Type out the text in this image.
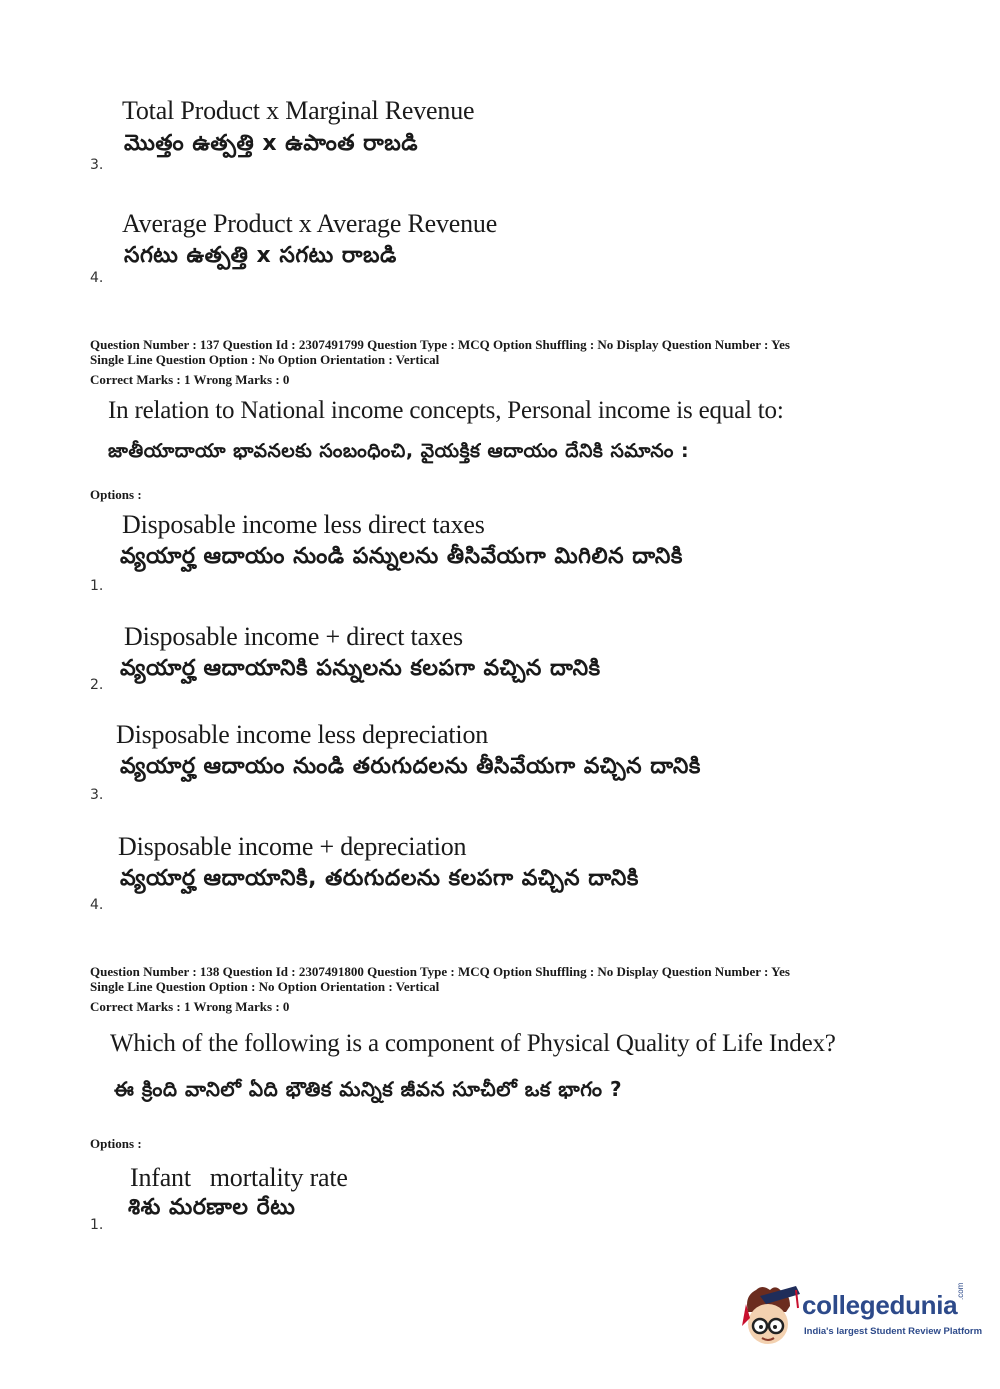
Total Product x Marginal Revenue
మొత్తం ఉత్పత్తి x ఉపాంత రాబడి
3.
Average Product x Average Revenue
సగటు ఉత్పత్తి x సగటు రాబడి
4.
Question Number : 137 Question Id : 2307491799 Question Type : MCQ Option Shuffling : No Display Question Number : Yes
Single Line Question Option : No Option Orientation : Vertical
Correct Marks : 1 Wrong Marks : 0
In relation to National income concepts, Personal income is equal to:
జాతీయాదాయా భావనలకు సంబంధించి, వైయక్తిక ఆదాయం దేనికి సమానం :
Options :
Disposable income less direct taxes
వ్యయార్హ ఆదాయం నుండి పన్నులను తీసివేయగా మిగిలిన దానికి
1.
Disposable income + direct taxes
వ్యయార్హ ఆదాయానికి పన్నులను కలపగా వచ్చిన దానికి
2.
Disposable income less depreciation
వ్యయార్హ ఆదాయం నుండి తరుగుదలను తీసివేయగా వచ్చిన దానికి
3.
Disposable income + depreciation
వ్యయార్హ ఆదాయానికి, తరుగుదలను కలపగా వచ్చిన దానికి
4.
Question Number : 138 Question Id : 2307491800 Question Type : MCQ Option Shuffling : No Display Question Number : Yes
Single Line Question Option : No Option Orientation : Vertical
Correct Marks : 1 Wrong Marks : 0
Which of the following is a component of Physical Quality of Life Index?
ఈ క్రింది వానిలో ఏది భౌతిక మన్నిక జీవన సూచీలో ఒక భాగం ?
Options :
Infant   mortality rate
శిశు మరణాల రేటు
1.
collegedunia
.com
India's largest Student Review Platform
